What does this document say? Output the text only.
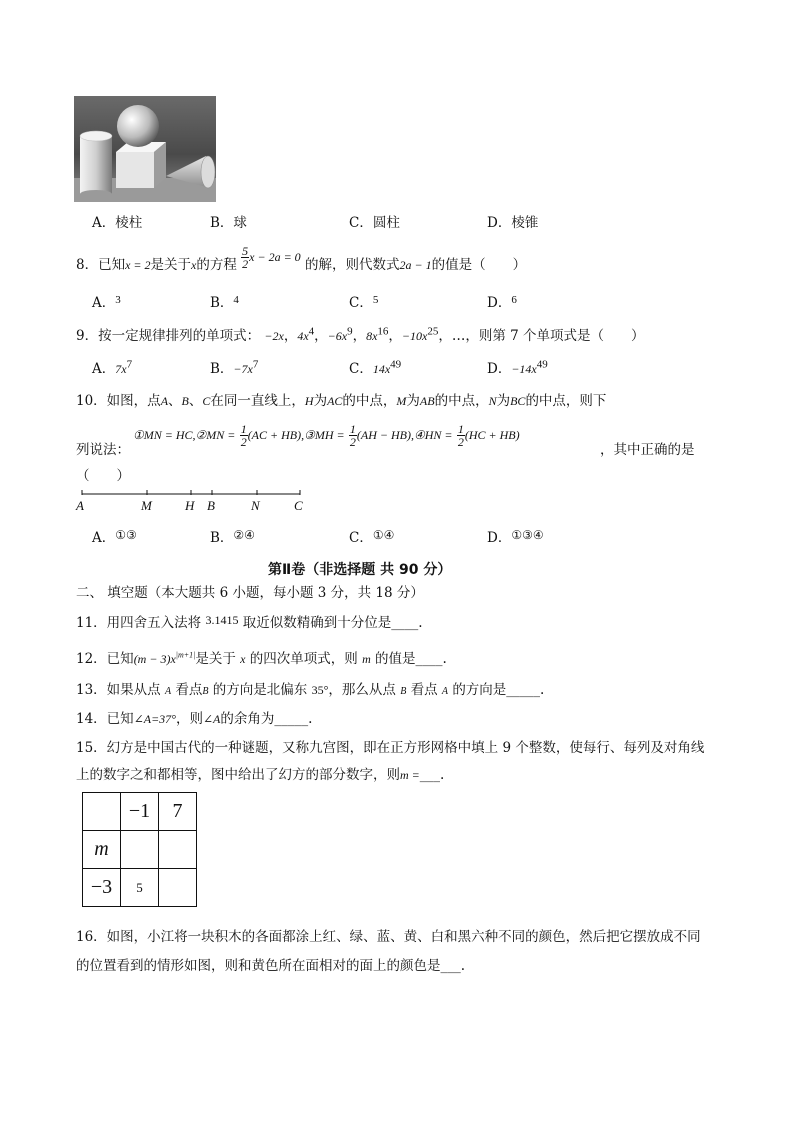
A．棱柱	B．球	C．圆柱	D．棱锥
8．已知x = 2是关于x的方程 $\frac{5}{2}$ x − 2a = 0 的解，则代数式2a − 1的值是（　　）
A．$^3$	B．$^4$	C．$^5$	D．$^6$
9．按一定规律排列的单项式： −2x，$4x^4$，$-6x^9$，$8x^{16}$，$-10x^{25}$，…，则第 7 个单项式是（　　）
A．$7x^7$	B．$-7x^7$	C．$14x^{49}$	D．$-14x^{49}$
10．如图，点A、B、C在同一直线上，H为AC的中点，M为AB的中点，N为BC的中点，则下
列说法：
①MN = HC,②MN = $\frac{1}{2} (AC$ + HB),③MH = $\frac{1}{2} (AH$ − HB),④HN = $\frac{1}{2} (HC + HB)$
，其中正确的是
（　　）
A	M	H B	N	C
A．①③	B．②④	C．①④	D．①③④
第Ⅱ卷（非选择题 共 90 分）
二、 填空题（本大题共 6 小题，每小题 3 分，共 18 分）
11．用四舍五入法将 3.1415 取近似数精确到十分位是____.
12．已知$(m - 3)x^{|m+1|}$是关于 x 的四次单项式，则 m 的值是____.
13．如果从点 A 看点B 的方向是北偏东 35°，那么从点 B 看点 A 的方向是_____.
14．已知∠A=37°，则∠A的余角为_____.
15．幻方是中国古代的一种谜题，又称九宫图，即在正方形网格中填上 9 个整数，使每行、每列及对角线
上的数字之和都相等，图中给出了幻方的部分数字，则m =___.
	−1	7
m		
−3	5	
16．如图，小江将一块积木的各面都涂上红、绿、蓝、黄、白和黑六种不同的颜色，然后把它摆放成不同
的位置看到的情形如图，则和黄色所在面相对的面上的颜色是___.
